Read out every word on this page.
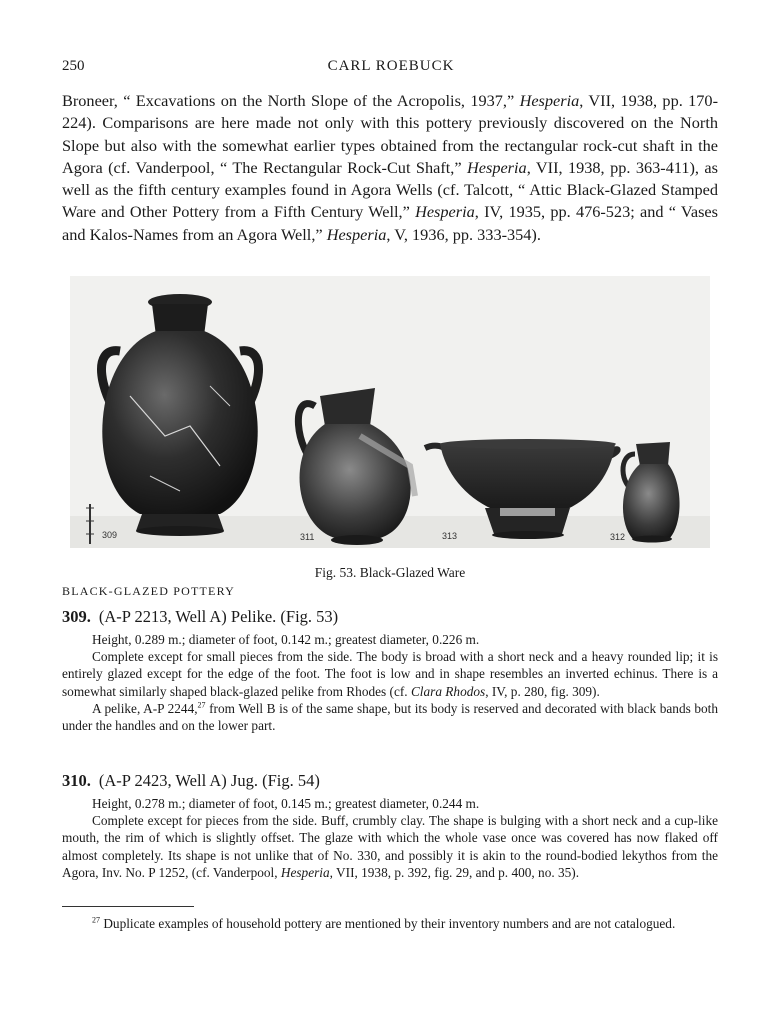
250	CARL ROEBUCK

Broneer, “ Excavations on the North Slope of the Acropolis, 1937,” Hesperia, VII, 1938, pp. 170-224). Comparisons are here made not only with this pottery previously discovered on the North Slope but also with the somewhat earlier types obtained from the rectangular rock-cut shaft in the Agora (cf. Vanderpool, “ The Rectangular Rock-Cut Shaft,” Hesperia, VII, 1938, pp. 363-411), as well as the fifth century examples found in Agora Wells (cf. Talcott, “ Attic Black-Glazed Stamped Ware and Other Pottery from a Fifth Century Well,” Hesperia, IV, 1935, pp. 476-523; and “ Vases and Kalos-Names from an Agora Well,” Hesperia, V, 1936, pp. 333-354).

309	311	313	312
Fig. 53. Black-Glazed Ware
BLACK-GLAZED POTTERY
309. (A-P 2213, Well A) Pelike. (Fig. 53)

Height, 0.289 m.; diameter of foot, 0.142 m.; greatest diameter, 0.226 m.

Complete except for small pieces from the side. The body is broad with a short neck and a heavy rounded lip; it is entirely glazed except for the edge of the foot. The foot is low and in shape resembles an inverted echinus. There is a somewhat similarly shaped black-glazed pelike from Rhodes (cf. Clara Rhodos, IV, p. 280, fig. 309).

A pelike, A-P 2244,27 from Well B is of the same shape, but its body is reserved and decorated with black bands both under the handles and on the lower part.

310. (A-P 2423, Well A) Jug. (Fig. 54)

Height, 0.278 m.; diameter of foot, 0.145 m.; greatest diameter, 0.244 m.

Complete except for pieces from the side. Buff, crumbly clay. The shape is bulging with a short neck and a cup-like mouth, the rim of which is slightly offset. The glaze with which the whole vase once was covered has now flaked off almost completely. Its shape is not unlike that of No. 330, and possibly it is akin to the round-bodied lekythos from the Agora, Inv. No. P 1252, (cf. Vanderpool, Hesperia, VII, 1938, p. 392, fig. 29, and p. 400, no. 35).

$^{27}$ Duplicate examples of household pottery are mentioned by their inventory numbers and are not catalogued.
